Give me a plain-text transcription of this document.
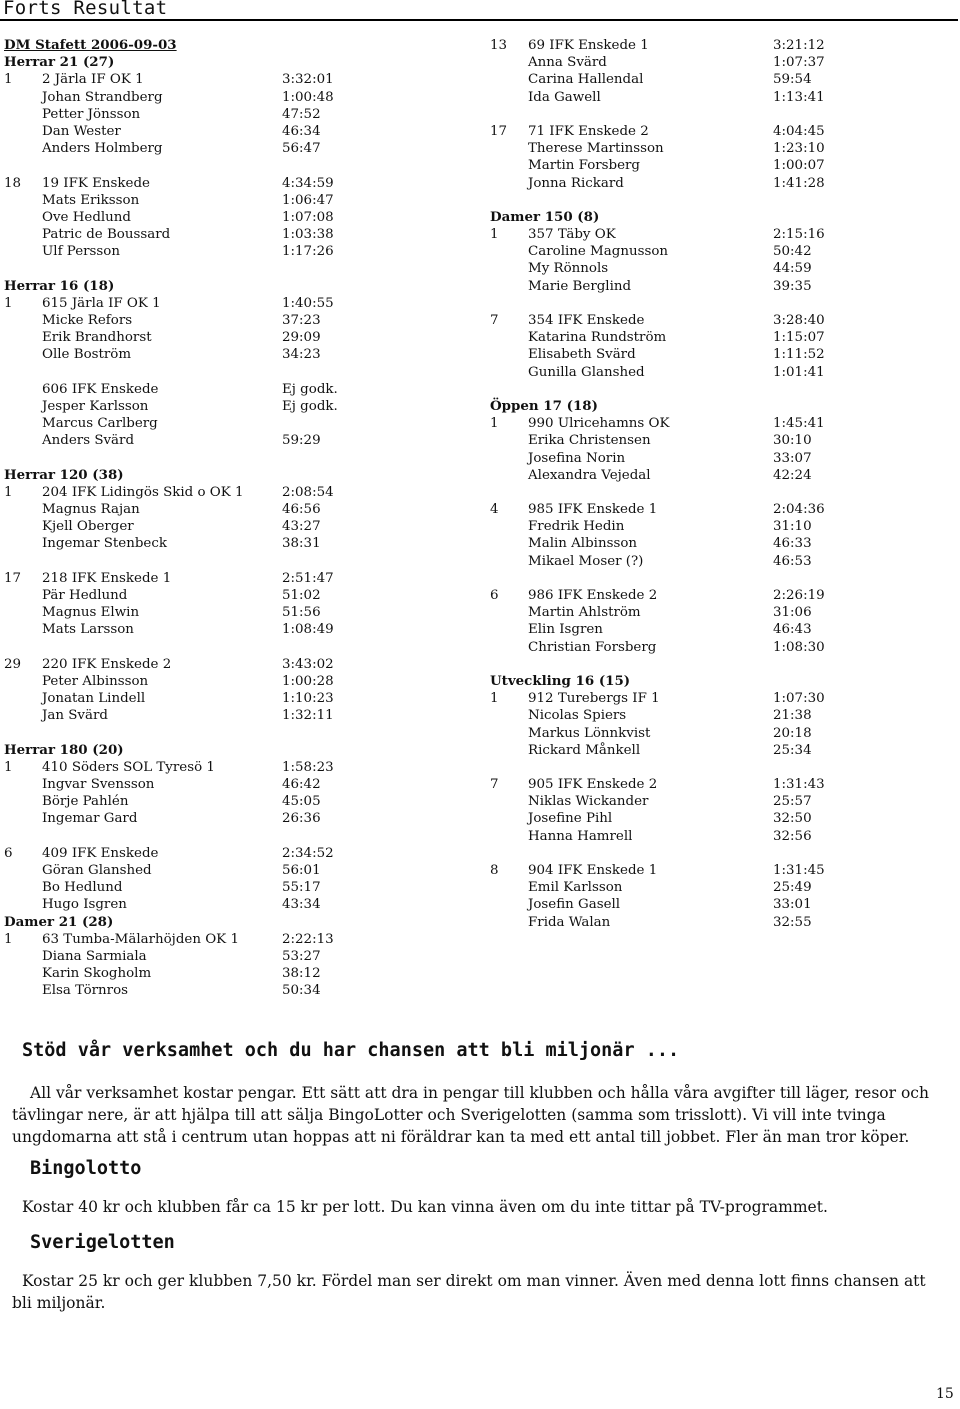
Forts Resultat
DM Stafett 2006-09-03
Herrar 21 (27)
1 2 Järla IF OK 1	3:32:01
Johan Strandberg	1:00:48
Petter Jönsson	47:52
Dan Wester	46:34
Anders Holmberg	56:47
18 19 IFK Enskede	4:34:59
Mats Eriksson	1:06:47
Ove Hedlund	1:07:08
Patric de Boussard	1:03:38
Ulf Persson	1:17:26
Herrar 16 (18)
1 615 Järla IF OK 1	1:40:55
Micke Refors	37:23
Erik Brandhorst	29:09
Olle Boström	34:23
606 IFK Enskede	Ej godk.
Jesper Karlsson	Ej godk.
Marcus Carlberg
Anders Svärd	59:29
Herrar 120 (38)
1 204 IFK Lidingös Skid o OK 1	2:08:54
Magnus Rajan	46:56
Kjell Oberger	43:27
Ingemar Stenbeck	38:31
17 218 IFK Enskede 1	2:51:47
Pär Hedlund	51:02
Magnus Elwin	51:56
Mats Larsson	1:08:49
29 220 IFK Enskede 2	3:43:02
Peter Albinsson	1:00:28
Jonatan Lindell	1:10:23
Jan Svärd	1:32:11
Herrar 180 (20)
1 410 Söders SOL Tyresö 1	1:58:23
Ingvar Svensson	46:42
Börje Pahlén	45:05
Ingemar Gard	26:36
6 409 IFK Enskede	2:34:52
Göran Glanshed	56:01
Bo Hedlund	55:17
Hugo Isgren	43:34
Damer 21 (28)
1 63 Tumba-Mälarhöjden OK 1	2:22:13
Diana Sarmiala	53:27
Karin Skogholm	38:12
Elsa Törnros	50:34
13 69 IFK Enskede 1	3:21:12
Anna Svärd	1:07:37
Carina Hallendal	59:54
Ida Gawell	1:13:41
17 71 IFK Enskede 2	4:04:45
Therese Martinsson	1:23:10
Martin Forsberg	1:00:07
Jonna Rickard	1:41:28
Damer 150 (8)
1 357 Täby OK	2:15:16
Caroline Magnusson	50:42
My Rönnols	44:59
Marie Berglind	39:35
7 354 IFK Enskede	3:28:40
Katarina Rundström	1:15:07
Elisabeth Svärd	1:11:52
Gunilla Glanshed	1:01:41
Öppen 17 (18)
1 990 Ulricehamns OK	1:45:41
Erika Christensen	30:10
Josefina Norin	33:07
Alexandra Vejedal	42:24
4 985 IFK Enskede 1	2:04:36
Fredrik Hedin	31:10
Malin Albinsson	46:33
Mikael Moser (?)	46:53
6 986 IFK Enskede 2	2:26:19
Martin Ahlström	31:06
Elin Isgren	46:43
Christian Forsberg	1:08:30
Utveckling 16 (15)
1 912 Turebergs IF 1	1:07:30
Nicolas Spiers	21:38
Markus Lönnkvist	20:18
Rickard Månkell	25:34
7 905 IFK Enskede 2	1:31:43
Niklas Wickander	25:57
Josefine Pihl	32:50
Hanna Hamrell	32:56
8 904 IFK Enskede 1	1:31:45
Emil Karlsson	25:49
Josefin Gasell	33:01
Frida Walan	32:55
Stöd vår verksamhet och du har chansen att bli miljonär ...
All vår verksamhet kostar pengar. Ett sätt att dra in pengar till klubben och hålla våra avgifter till läger, resor och tävlingar nere, är att hjälpa till att sälja BingoLotter och Sverigelotten (samma som trisslott). Vi vill inte tvinga ungdomarna att stå i centrum utan hoppas att ni föräldrar kan ta med ett antal till jobbet. Fler än man tror köper.
Bingolotto
Kostar 40 kr och klubben får ca 15 kr per lott. Du kan vinna även om du inte tittar på TV-programmet.
Sverigelotten
Kostar 25 kr och ger klubben 7,50 kr. Fördel man ser direkt om man vinner. Även med denna lott finns chansen att bli miljonär.
15
